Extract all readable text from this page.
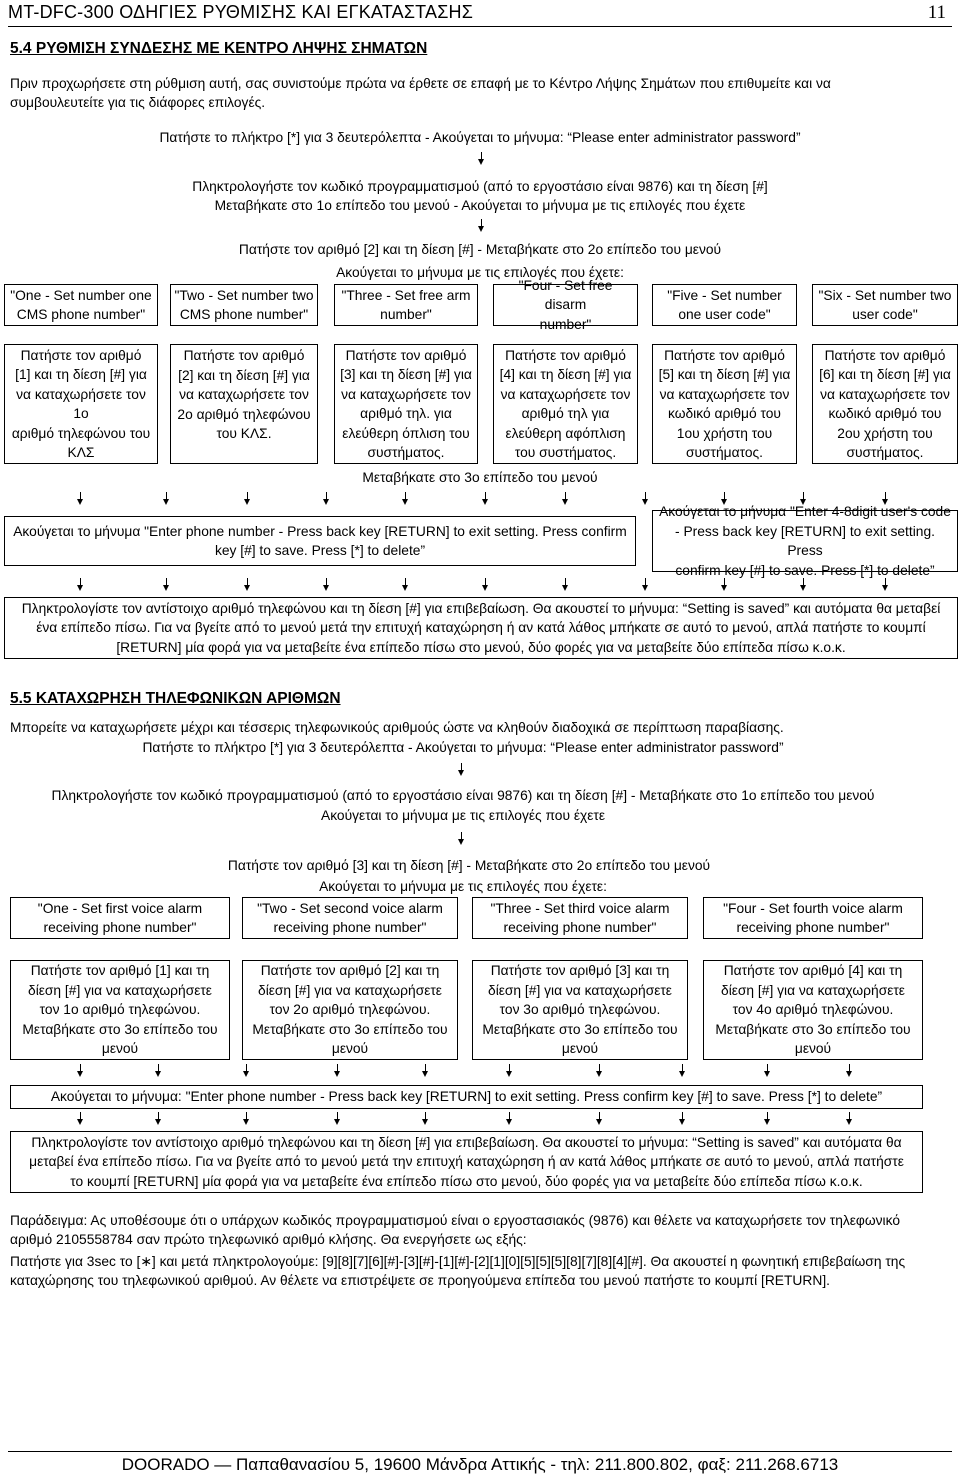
MT-DFC-300 ΟΔΗΓΙΕΣ ΡΥΘΜΙΣΗΣ ΚΑΙ ΕΓΚΑΤΑΣΤΑΣΗΣ	11
5.4 ΡΥΘΜΙΣΗ ΣΥΝΔΕΣΗΣ ΜΕ ΚΕΝΤΡΟ ΛΗΨΗΣ ΣΗΜΑΤΩΝ
Πριν προχωρήσετε στη ρύθμιση αυτή, σας συνιστούμε πρώτα να έρθετε σε επαφή με το Κέντρο Λήψης Σημάτων που επιθυμείτε και να
συμβουλευτείτε για τις διάφορες επιλογές.
Πατήστε το πλήκτρο [*] για 3 δευτερόλεπτα - Ακούγεται το μήνυμα: “Please enter administrator password”
Πληκτρολογήστε τον κωδικό προγραμματισμού (από το εργοστάσιο είναι 9876) και τη δίεση [#]
Μεταβήκατε στο 1ο επίπεδο του μενού - Ακούγεται το μήνυμα με τις επιλογές που έχετε
Πατήστε τον αριθμό [2] και τη δίεση [#] - Μεταβήκατε στο 2ο επίπεδο του μενού
Ακούγεται το μήνυμα με τις επιλογές που έχετε:
"One - Set number one
CMS phone number"
"Two - Set number two
CMS phone number"
"Three - Set free arm
number"
"Four - Set free disarm
number"
"Five - Set number
one user code"
"Six - Set number two
user code"
Πατήστε τον αριθμό
[1] και τη δίεση [#] για
να καταχωρήσετε τον 1ο
αριθμό τηλεφώνου του
ΚΛΣ
Πατήστε τον αριθμό
[2] και τη δίεση [#] για
να καταχωρήσετε τον
2ο αριθμό τηλεφώνου
του ΚΛΣ.
Πατήστε τον αριθμό
[3] και τη δίεση [#] για
να καταχωρήσετε τον
αριθμό τηλ. για
ελεύθερη όπλιση του
συστήματος.
Πατήστε τον αριθμό
[4] και τη δίεση [#] για
να καταχωρήσετε τον
αριθμό τηλ για
ελεύθερη αφόπλιση
του συστήματος.
Πατήστε τον αριθμό
[5] και τη δίεση [#] για
να καταχωρήσετε τον
κωδικό αριθμό του
1ου χρήστη του
συστήματος.
Πατήστε τον αριθμό
[6] και τη δίεση [#] για
να καταχωρήσετε τον
κωδικό αριθμό του
2ου χρήστη του
συστήματος.
Μεταβήκατε στο 3ο επίπεδο του μενού
Ακούγεται το μήνυμα "Enter phone number - Press back key [RETURN] to exit setting. Press confirm
key [#] to save. Press [*] to delete”
Ακούγεται το μήνυμα "Enter 4-8digit user's code
- Press back key [RETURN] to exit setting. Press
confirm key [#] to save. Press [*] to delete”
Πληκτρολογίστε τον αντίστοιχο αριθμό τηλεφώνου και τη δίεση [#] για επιβεβαίωση. Θα ακουστεί το μήνυμα: “Setting is saved” και αυτόματα θα μεταβεί
ένα επίπεδο πίσω. Για να βγείτε από το μενού μετά την επιτυχή καταχώρηση ή αν κατά λάθος μπήκατε σε αυτό το μενού, απλά πατήστε το κουμπί
[RETURN] μία φορά για να μεταβείτε ένα επίπεδο πίσω στο μενού, δύο φορές για να μεταβείτε δύο επίπεδα πίσω κ.ο.κ.
5.5 ΚΑΤΑΧΩΡΗΣΗ ΤΗΛΕΦΩΝΙΚΩΝ ΑΡΙΘΜΩΝ
Μπορείτε να καταχωρήσετε μέχρι και τέσσερις τηλεφωνικούς αριθμούς ώστε να κληθούν διαδοχικά σε περίπτωση παραβίασης.
Πατήστε το πλήκτρο [*] για 3 δευτερόλεπτα - Ακούγεται το μήνυμα: “Please enter administrator password”
Πληκτρολογήστε τον κωδικό προγραμματισμού (από το εργοστάσιο είναι 9876) και τη δίεση [#] - Μεταβήκατε στο 1ο επίπεδο του μενού
Ακούγεται το μήνυμα με τις επιλογές που έχετε
Πατήστε τον αριθμό [3] και τη δίεση [#] - Μεταβήκατε στο 2ο επίπεδο του μενού
Ακούγεται το μήνυμα με τις επιλογές που έχετε:
"One - Set first voice alarm
receiving phone number"
"Two - Set second voice alarm
receiving phone number"
"Three - Set third voice alarm
receiving phone number"
"Four - Set fourth voice alarm
receiving phone number"
Πατήστε τον αριθμό [1] και τη
δίεση [#] για να καταχωρήσετε
τον 1ο αριθμό τηλεφώνου.
Μεταβήκατε στο 3ο επίπεδο του
μενού
Πατήστε τον αριθμό [2] και τη
δίεση [#] για να καταχωρήσετε
τον 2ο αριθμό τηλεφώνου.
Μεταβήκατε στο 3ο επίπεδο του
μενού
Πατήστε τον αριθμό [3] και τη
δίεση [#] για να καταχωρήσετε
τον 3ο αριθμό τηλεφώνου.
Μεταβήκατε στο 3ο επίπεδο του
μενού
Πατήστε τον αριθμό [4] και τη
δίεση [#] για να καταχωρήσετε
τον 4ο αριθμό τηλεφώνου.
Μεταβήκατε στο 3ο επίπεδο του
μενού
Ακούγεται το μήνυμα: "Enter phone number - Press back key [RETURN] to exit setting. Press confirm key [#] to save. Press [*] to delete”
Πληκτρολογίστε τον αντίστοιχο αριθμό τηλεφώνου και τη δίεση [#] για επιβεβαίωση. Θα ακουστεί το μήνυμα: “Setting is saved” και αυτόματα θα
μεταβεί ένα επίπεδο πίσω. Για να βγείτε από το μενού μετά την επιτυχή καταχώρηση ή αν κατά λάθος μπήκατε σε αυτό το μενού, απλά πατήστε
το κουμπί [RETURN] μία φορά για να μεταβείτε ένα επίπεδο πίσω στο μενού, δύο φορές για να μεταβείτε δύο επίπεδα πίσω κ.ο.κ.
Παράδειγμα: Ας υποθέσουμε ότι ο υπάρχων κωδικός προγραμματισμού είναι ο εργοστασιακός (9876) και θέλετε να καταχωρήσετε τον τηλεφωνικό
αριθμό 2105558784 σαν πρώτο τηλεφωνικό αριθμό κλήσης. Θα ενεργήσετε ως εξής:
Πατήστε για 3sec το [∗] και μετά πληκτρολογούμε: [9][8][7][6][#]-[3][#]-[1][#]-[2][1][0][5][5][5][8][7][8][4][#]. Θα ακουστεί η φωνητική επιβεβαίωση της
καταχώρησης του τηλεφωνικού αριθμού. Αν θέλετε να επιστρέψετε σε προηγούμενα επίπεδα του μενού πατήστε το κουμπί [RETURN].
DOORADO — Παπαθανασίου 5, 19600 Μάνδρα Αττικής - τηλ: 211.800.802, φαξ: 211.268.6713
